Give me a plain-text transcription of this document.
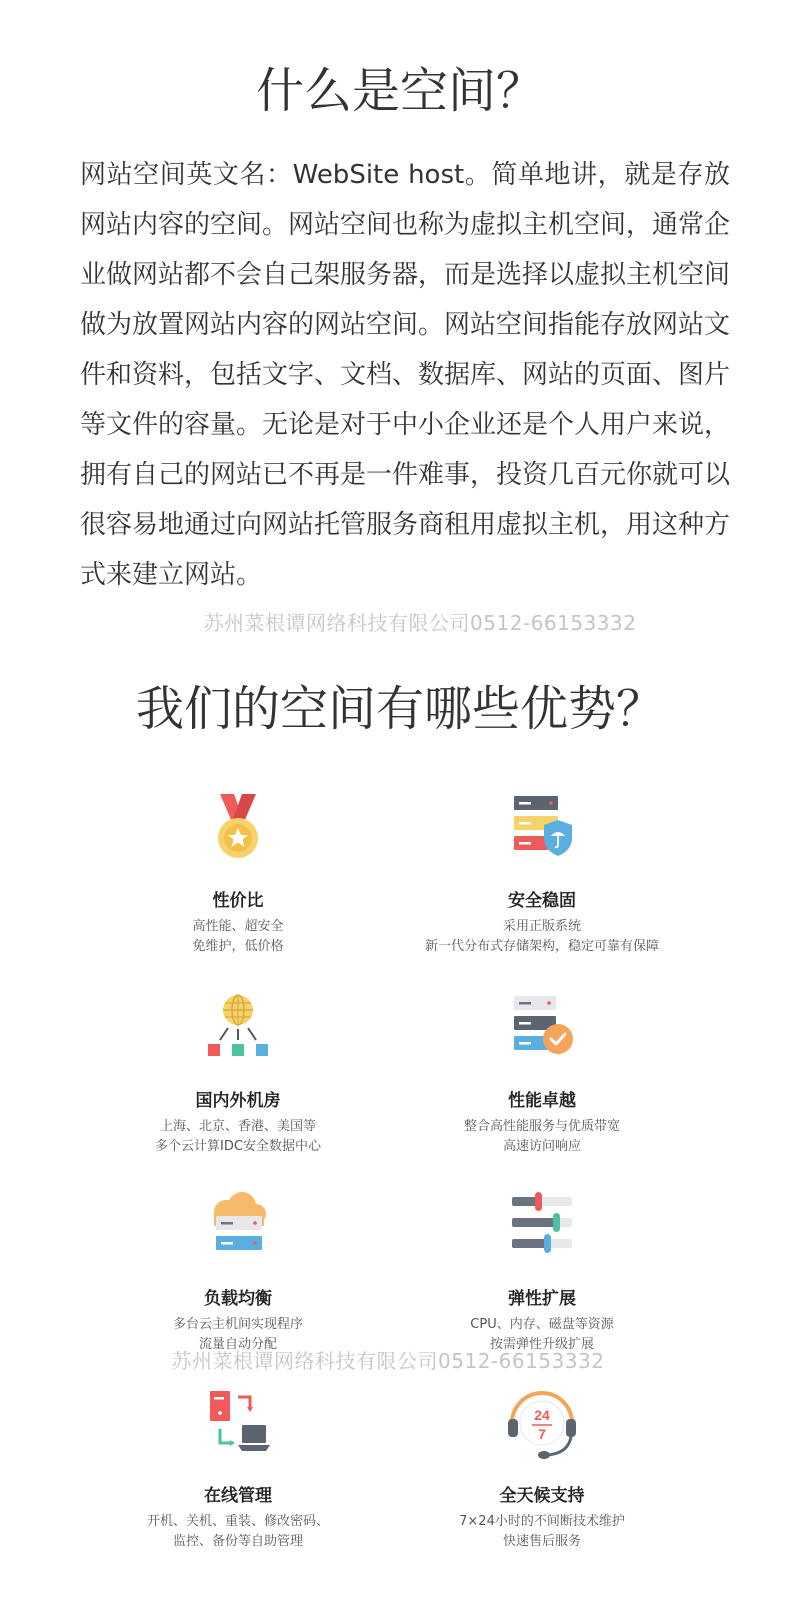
什么是空间？

网站空间英文名：WebSite host。简单地讲，就是存放网站内容的空间。网站空间也称为虚拟主机空间，通常企业做网站都不会自己架服务器，而是选择以虚拟主机空间做为放置网站内容的网站空间。网站空间指能存放网站文件和资料，包括文字、文档、数据库、网站的页面、图片等文件的容量。无论是对于中小企业还是个人用户来说，拥有自己的网站已不再是一件难事，投资几百元你就可以很容易地通过向网站托管服务商租用虚拟主机，用这种方式来建立网站。

苏州菜根谭网络科技有限公司0512-66153332
我们的空间有哪些优势？
性价比

高性能、超安全

免维护，低价格

安全稳固

采用正版系统

新一代分布式存储架构，稳定可靠有保障

国内外机房

上海、北京、香港、美国等

多个云计算IDC安全数据中心

性能卓越

整合高性能服务与优质带宽

高速访问响应

负载均衡

多台云主机间实现程序

流量自动分配

弹性扩展

CPU、内存、磁盘等资源

按需弹性升级扩展

苏州菜根谭网络科技有限公司0512-66153332
在线管理

开机、关机、重装、修改密码、

监控、备份等自助管理

24
7
全天候支持

7×24小时的不间断技术维护

快速售后服务
